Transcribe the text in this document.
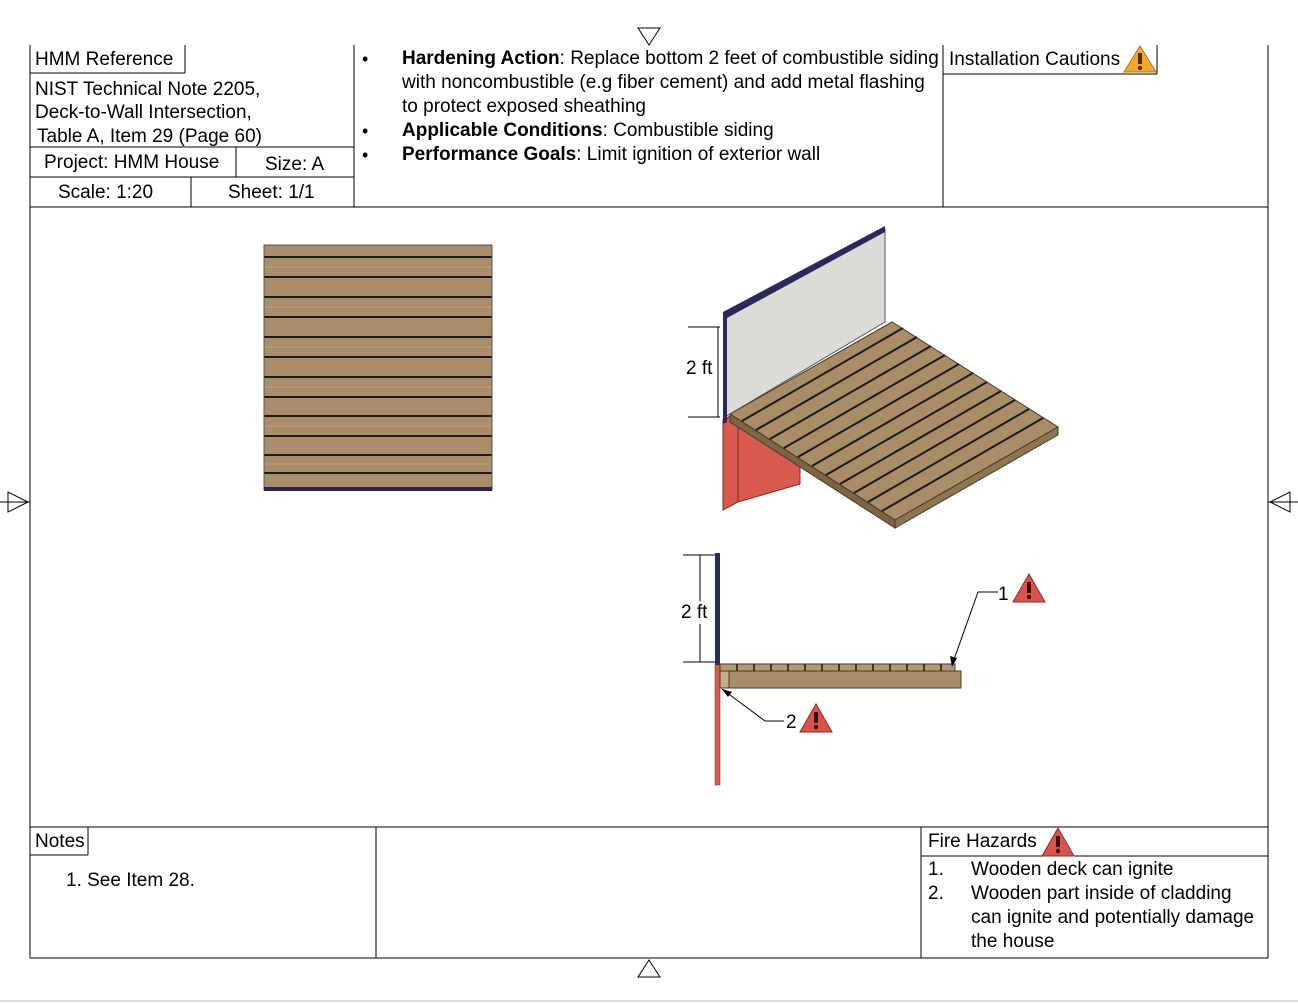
HMM Reference
NIST Technical Note 2205,
Deck-to-Wall Intersection,
Table A, Item 29 (Page 60)
Project: HMM House Size: A
Scale: 1:20	Sheet: 1/1
• Hardening Action: Replace bottom 2 feet of combustible siding with noncombustible (e.g fiber cement) and add metal flashing to protect exposed sheathing
• Applicable Conditions: Combustible siding
• Performance Goals: Limit ignition of exterior wall
Installation Cautions
2 ft
2 ft
1
2
Notes
1. See Item 28.
Fire Hazards
1. Wooden deck can ignite
2. Wooden part inside of cladding can ignite and potentially damage the house
